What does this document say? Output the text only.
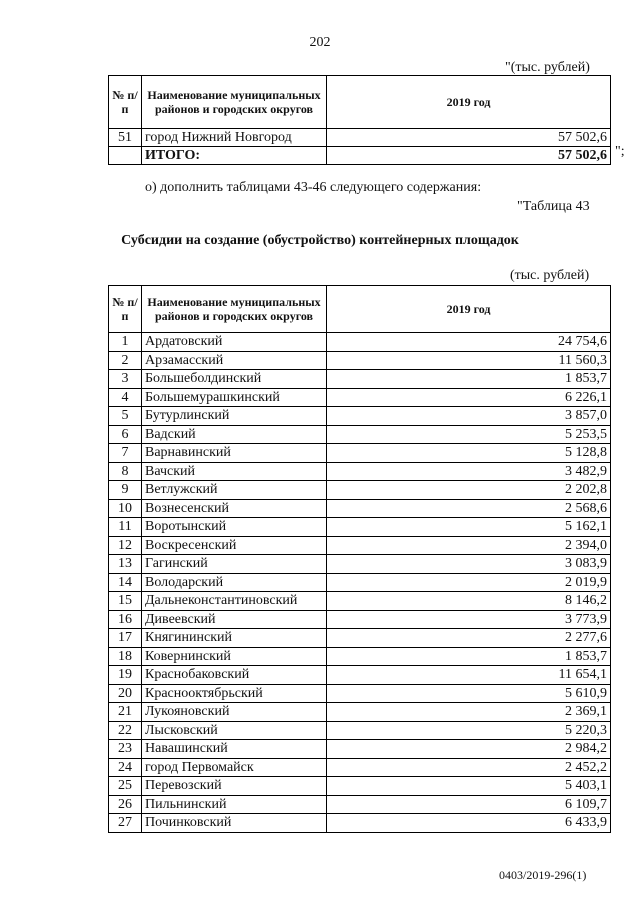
202
"(тыс. рублей)
№ п/п	Наименование муниципальных районов и городских округов	2019 год
51	город Нижний Новгород	57 502,6
	ИТОГО:	57 502,6 ";
о) дополнить таблицами 43-46 следующего содержания:
"Таблица 43
Субсидии на создание (обустройство) контейнерных площадок
(тыс. рублей)
№ п/п	Наименование муниципальных районов и городских округов	2019 год
1	Ардатовский	24 754,6
2	Арзамасский	11 560,3
3	Большеболдинский	1 853,7
4	Большемурашкинский	6 226,1
5	Бутурлинский	3 857,0
6	Вадский	5 253,5
7	Варнавинский	5 128,8
8	Вачский	3 482,9
9	Ветлужский	2 202,8
10	Вознесенский	2 568,6
11	Воротынский	5 162,1
12	Воскресенский	2 394,0
13	Гагинский	3 083,9
14	Володарский	2 019,9
15	Дальнеконстантиновский	8 146,2
16	Дивеевский	3 773,9
17	Княгининский	2 277,6
18	Ковернинский	1 853,7
19	Краснобаковский	11 654,1
20	Краснооктябрьский	5 610,9
21	Лукояновский	2 369,1
22	Лысковский	5 220,3
23	Навашинский	2 984,2
24	город Первомайск	2 452,2
25	Перевозский	5 403,1
26	Пильнинский	6 109,7
27	Починковский	6 433,9
0403/2019-296(1)
